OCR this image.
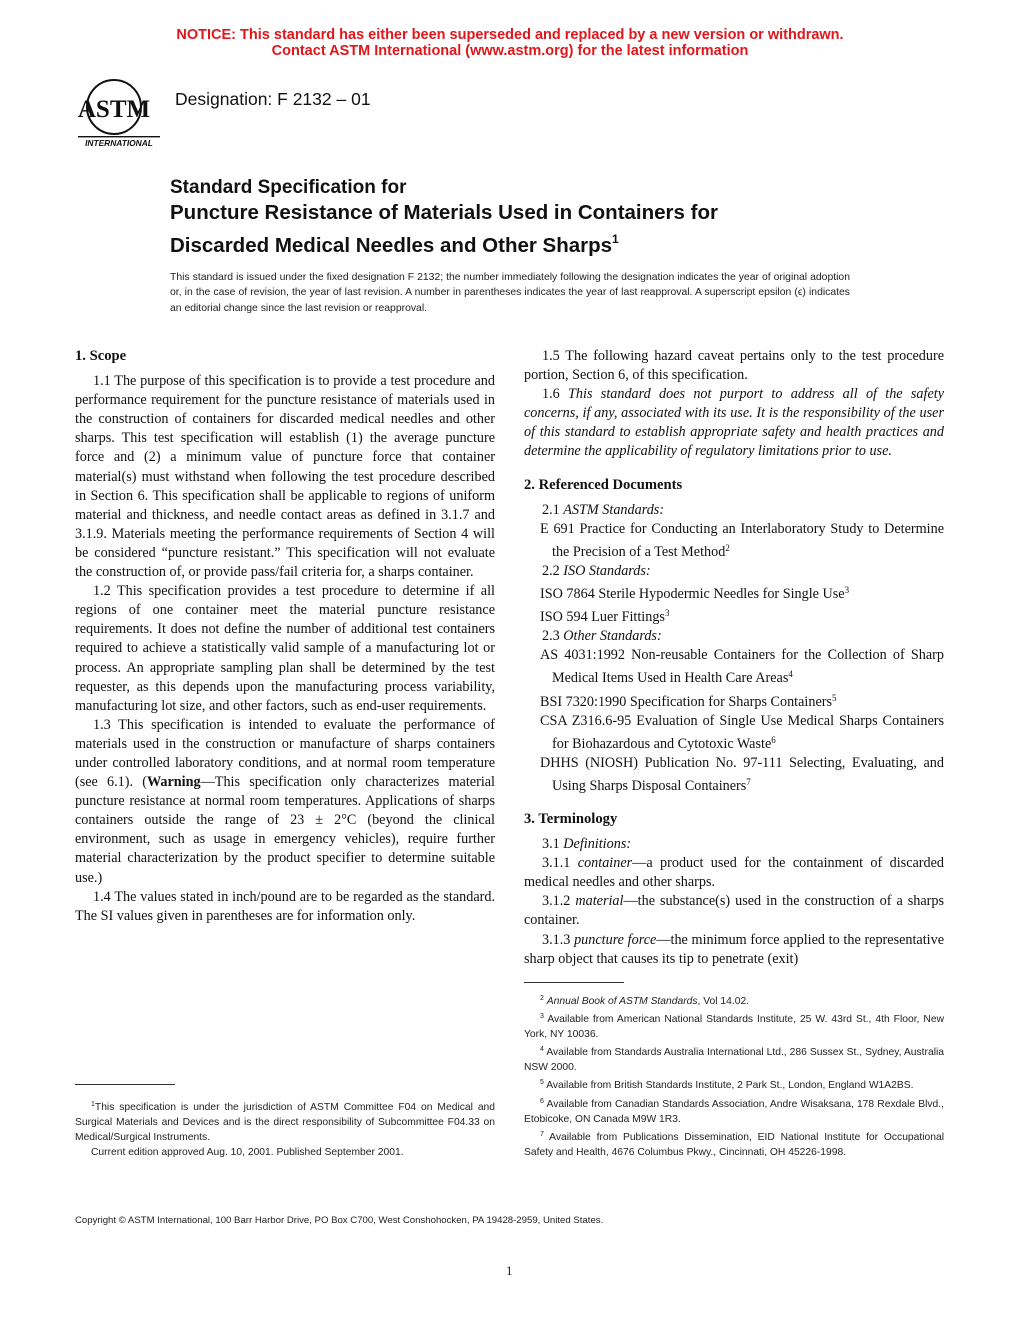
NOTICE: This standard has either been superseded and replaced by a new version or withdrawn.
Contact ASTM International (www.astm.org) for the latest information
ASTM
INTERNATIONAL
Designation: F 2132 – 01
Standard Specification for
Puncture Resistance of Materials Used in Containers for
Discarded Medical Needles and Other Sharps$^1$
This standard is issued under the fixed designation F 2132; the number immediately following the designation indicates the year of original adoption or, in the case of revision, the year of last revision. A number in parentheses indicates the year of last reapproval. A superscript epsilon (ϵ) indicates an editorial change since the last revision or reapproval.
1. Scope

1.1 The purpose of this specification is to provide a test procedure and performance requirement for the puncture resistance of materials used in the construction of containers for discarded medical needles and other sharps. This test specification will establish (1) the average puncture force and (2) a minimum value of puncture force that container material(s) must withstand when following the test procedure described in Section 6. This specification shall be applicable to regions of uniform material and thickness, and needle contact areas as defined in 3.1.7 and 3.1.9. Materials meeting the performance requirements of Section 4 will be considered “puncture resistant.” This specification will not evaluate the construction of, or provide pass/fail criteria for, a sharps container.

1.2 This specification provides a test procedure to determine if all regions of one container meet the material puncture resistance requirements. It does not define the number of additional test containers required to achieve a statistically valid sample of a manufacturing lot or process. An appropriate sampling plan shall be determined by the test requester, as this depends upon the manufacturing process variability, manufacturing lot size, and other factors, such as end-user requirements.

1.3 This specification is intended to evaluate the performance of materials used in the construction or manufacture of sharps containers under controlled laboratory conditions, and at normal room temperature (see 6.1). (Warning—This specification only characterizes material puncture resistance at normal room temperatures. Applications of sharps containers outside the range of 23 ± 2°C (beyond the clinical environment, such as usage in emergency vehicles), require further material characterization by the product specifier to determine suitable use.)

1.4 The values stated in inch/pound are to be regarded as the standard. The SI values given in parentheses are for information only.

1.5 The following hazard caveat pertains only to the test procedure portion, Section 6, of this specification.

1.6 This standard does not purport to address all of the safety concerns, if any, associated with its use. It is the responsibility of the user of this standard to establish appropriate safety and health practices and determine the applicability of regulatory limitations prior to use.

2. Referenced Documents

2.1 ASTM Standards:

E 691 Practice for Conducting an Interlaboratory Study to Determine the Precision of a Test Method$^2$

2.2 ISO Standards:

ISO 7864 Sterile Hypodermic Needles for Single Use$^3$
ISO 594 Luer Fittings$^3$

2.3 Other Standards:

AS 4031:1992 Non-reusable Containers for the Collection of Sharp Medical Items Used in Health Care Areas$^4$
BSI 7320:1990 Specification for Sharps Containers$^5$
CSA Z316.6-95 Evaluation of Single Use Medical Sharps Containers for Biohazardous and Cytotoxic Waste$^6$
DHHS (NIOSH) Publication No. 97-111 Selecting, Evaluating, and Using Sharps Disposal Containers$^7$
3. Terminology

3.1 Definitions:

3.1.1 container—a product used for the containment of discarded medical needles and other sharps.

3.1.2 material—the substance(s) used in the construction of a sharps container.

3.1.3 puncture force—the minimum force applied to the representative sharp object that causes its tip to penetrate (exit)

$^1$This specification is under the jurisdiction of ASTM Committee F04 on Medical and Surgical Materials and Devices and is the direct responsibility of Subcommittee F04.33 on Medical/Surgical Instruments.

Current edition approved Aug. 10, 2001. Published September 2001.

$^2$ Annual Book of ASTM Standards, Vol 14.02.

$^3$ Available from American National Standards Institute, 25 W. 43rd St., 4th Floor, New York, NY 10036.

$^4$ Available from Standards Australia International Ltd., 286 Sussex St., Sydney, Australia NSW 2000.

$^5$ Available from British Standards Institute, 2 Park St., London, England W1A2BS.

$^6$ Available from Canadian Standards Association, Andre Wisaksana, 178 Rexdale Blvd., Etobicoke, ON Canada M9W 1R3.

$^7$ Available from Publications Dissemination, EID National Institute for Occupational Safety and Health, 4676 Columbus Pkwy., Cincinnati, OH 45226-1998.

Copyright © ASTM International, 100 Barr Harbor Drive, PO Box C700, West Conshohocken, PA 19428-2959, United States.
1
